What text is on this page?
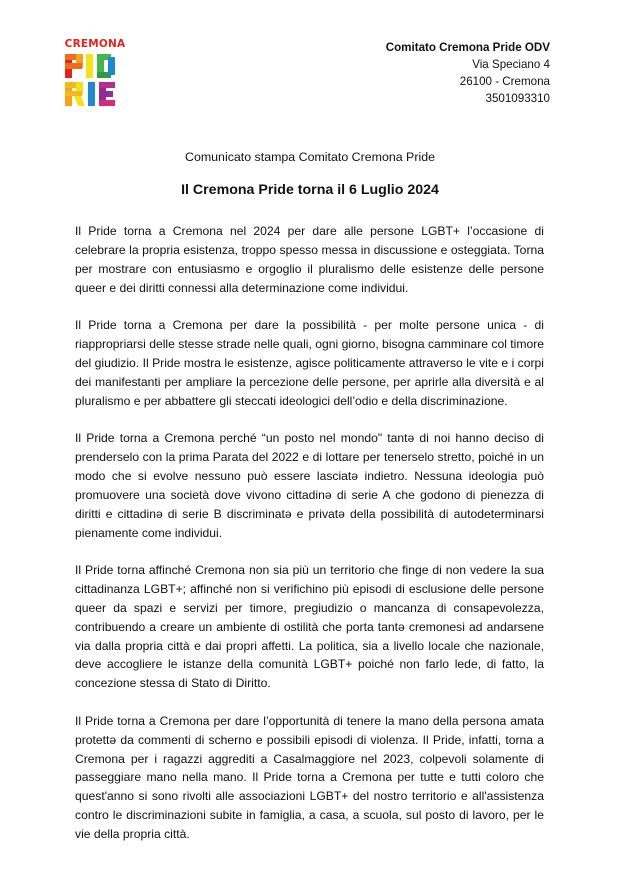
CREMONA	Comitato Cremona Pride ODV
Via Speciano 4
26100 - Cremona
3501093310
Comunicato stampa Comitato Cremona Pride
Il Cremona Pride torna il 6 Luglio 2024

Il Pride torna a Cremona nel 2024 per dare alle persone LGBT+ l’occasione di celebrare la propria esistenza, troppo spesso messa in discussione e osteggiata. Torna per mostrare con entusiasmo e orgoglio il pluralismo delle esistenze delle persone queer e dei diritti connessi alla determinazione come individui.

Il Pride torna a Cremona per dare la possibilità - per molte persone unica - di riappropriarsi delle stesse strade nelle quali, ogni giorno, bisogna camminare col timore del giudizio. Il Pride mostra le esistenze, agisce politicamente attraverso le vite e i corpi dei manifestanti per ampliare la percezione delle persone, per aprirle alla diversità e al pluralismo e per abbattere gli steccati ideologici dell’odio e della discriminazione.

Il Pride torna a Cremona perché “un posto nel mondo" tantə di noi hanno deciso di prenderselo con la prima Parata del 2022 e di lottare per tenerselo stretto, poiché in un modo che si evolve nessuno può essere lasciatə indietro. Nessuna ideologia può promuovere una società dove vivono cittadinə di serie A che godono di pienezza di diritti e cittadinə di serie B discriminatə e privatə della possibilità di autodeterminarsi pienamente come individui.

Il Pride torna affinché Cremona non sia più un territorio che finge di non vedere la sua cittadinanza LGBT+; affinché non si verifichino più episodi di esclusione delle persone queer da spazi e servizi per timore, pregiudizio o mancanza di consapevolezza, contribuendo a creare un ambiente di ostilità che porta tantə cremonesi ad andarsene via dalla propria città e dai propri affetti. La politica, sia a livello locale che nazionale, deve accogliere le istanze della comunità LGBT+ poiché non farlo lede, di fatto, la concezione stessa di Stato di Diritto.

Il Pride torna a Cremona per dare l’opportunità di tenere la mano della persona amata protettə da commenti di scherno e possibili episodi di violenza. Il Pride, infatti, torna a Cremona per i ragazzi aggrediti a Casalmaggiore nel 2023, colpevoli solamente di passeggiare mano nella mano. Il Pride torna a Cremona per tutte e tutti coloro che quest'anno si sono rivolti alle associazioni LGBT+ del nostro territorio e all'assistenza contro le discriminazioni subite in famiglia, a casa, a scuola, sul posto di lavoro, per le vie della propria città.
